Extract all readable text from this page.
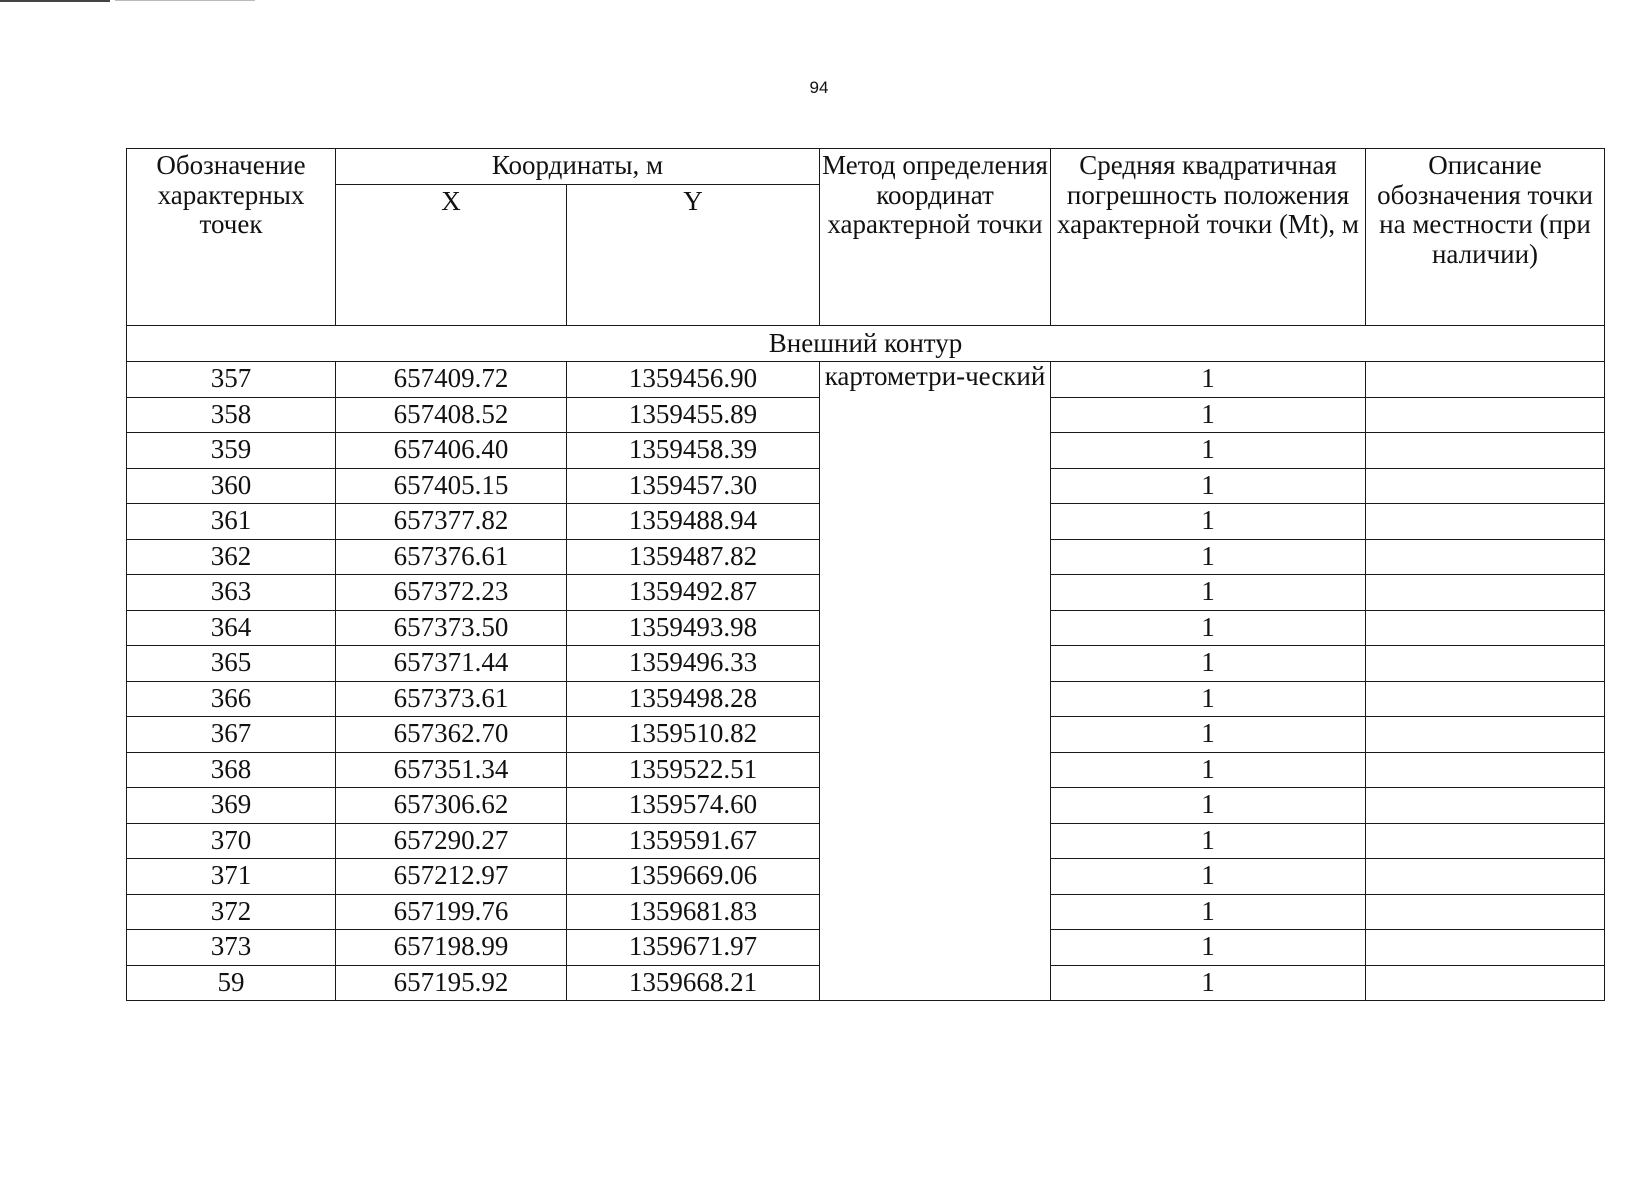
94
Обозначение характерных точек	Координаты, м		Метод определения координат характерной точки	Средняя квадратичная погрешность положения характерной точки (Mt), м	Описание обозначения точки на местности (при наличии)
	X	Y			
Внешний контур					
357	657409.72	1359456.90	картометри-ческий	1	
358	657408.52	1359455.89		1	
359	657406.40	1359458.39		1	
360	657405.15	1359457.30		1	
361	657377.82	1359488.94		1	
362	657376.61	1359487.82		1	
363	657372.23	1359492.87		1	
364	657373.50	1359493.98		1	
365	657371.44	1359496.33		1	
366	657373.61	1359498.28		1	
367	657362.70	1359510.82		1	
368	657351.34	1359522.51		1	
369	657306.62	1359574.60		1	
370	657290.27	1359591.67		1	
371	657212.97	1359669.06		1	
372	657199.76	1359681.83		1	
373	657198.99	1359671.97		1	
59	657195.92	1359668.21		1	
